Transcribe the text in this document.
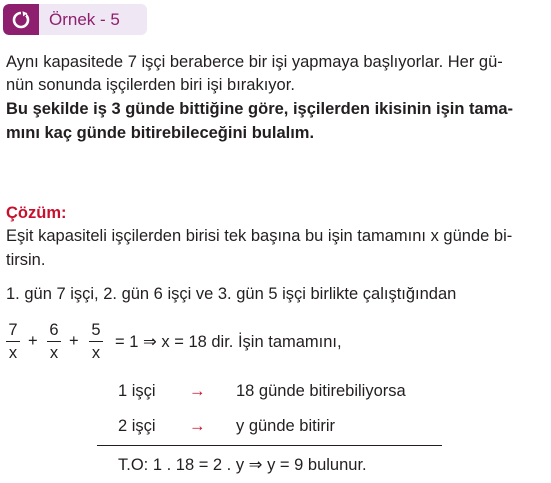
Örnek - 5
Aynı kapasitede 7 işçi beraberce bir işi yapmaya başlıyorlar. Her gü-
nün sonunda işçilerden biri işi bırakıyor.
Bu şekilde iş 3 günde bittiğine göre, işçilerden ikisinin işin tama-
mını kaç günde bitirebileceğini bulalım.
Çözüm:
Eşit kapasiteli işçilerden birisi tek başına bu işin tamamını x günde bi-
tirsin.
1. gün 7 işçi, 2. gün 6 işçi ve 3. gün 5 işçi birlikte çalıştığından
7
x
+
6
x
+
5
x
= 1 ⇒ x = 18 dir. İşin tamamını,
1 işçi → 18 günde bitirebiliyorsa
2 işçi → y günde bitirir
T.O: 1 . 18 = 2 . y ⇒ y = 9 bulunur.
